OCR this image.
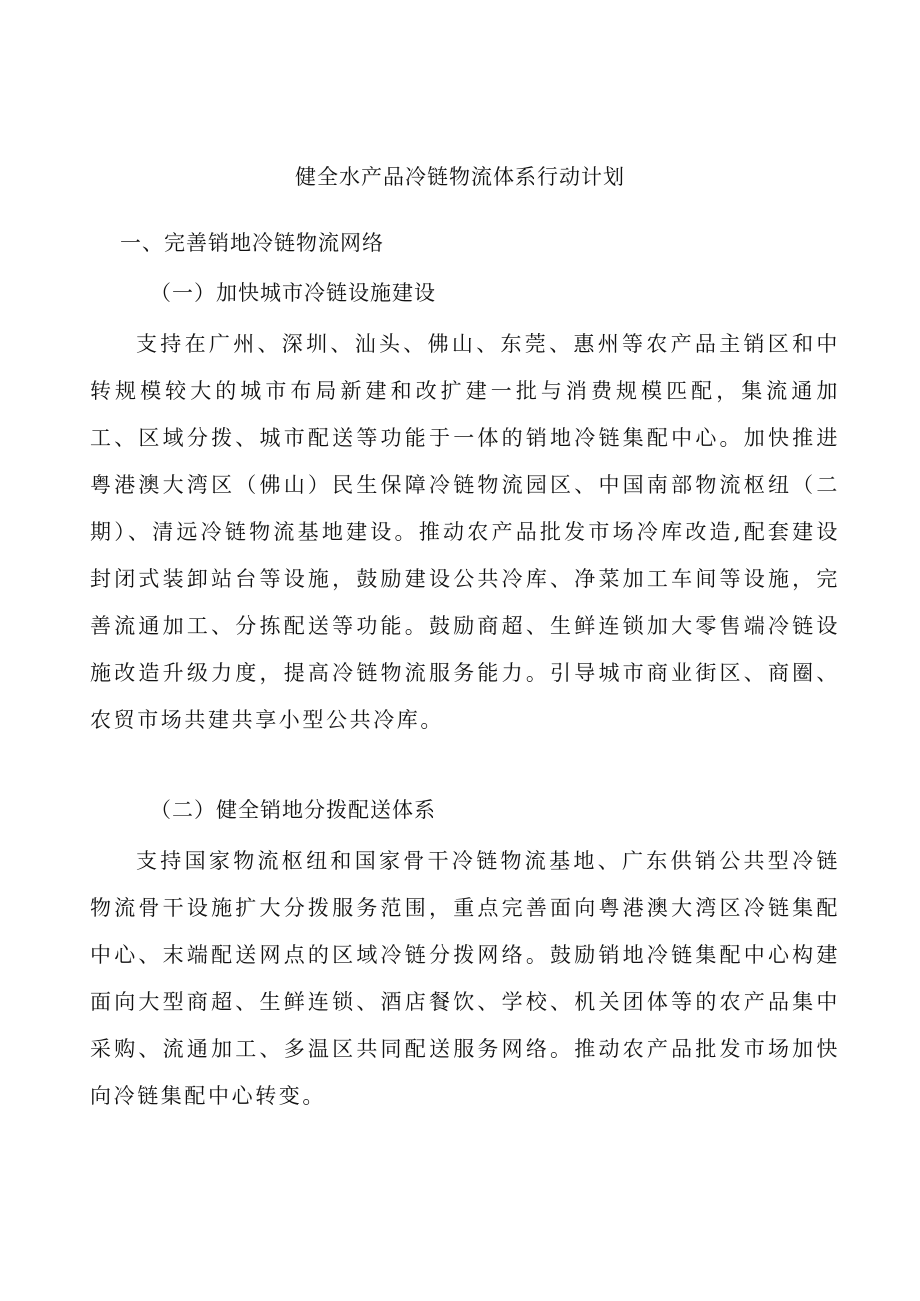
健全水产品冷链物流体系行动计划
一、完善销地冷链物流网络
（一）加快城市冷链设施建设

支持在广州、深圳、汕头、佛山、东莞、惠州等农产品主销区和中转规模较大的城市布局新建和改扩建一批与消费规模匹配，集流通加工、区域分拨、城市配送等功能于一体的销地冷链集配中心。加快推进粤港澳大湾区（佛山）民生保障冷链物流园区、中国南部物流枢纽（二期）、清远冷链物流基地建设。推动农产品批发市场冷库改造,配套建设封闭式装卸站台等设施，鼓励建设公共冷库、净菜加工车间等设施，完善流通加工、分拣配送等功能。鼓励商超、生鲜连锁加大零售端冷链设施改造升级力度，提高冷链物流服务能力。引导城市商业街区、商圈、农贸市场共建共享小型公共冷库。

（二）健全销地分拨配送体系

支持国家物流枢纽和国家骨干冷链物流基地、广东供销公共型冷链物流骨干设施扩大分拨服务范围，重点完善面向粤港澳大湾区冷链集配中心、末端配送网点的区域冷链分拨网络。鼓励销地冷链集配中心构建面向大型商超、生鲜连锁、酒店餐饮、学校、机关团体等的农产品集中采购、流通加工、多温区共同配送服务网络。推动农产品批发市场加快向冷链集配中心转变。
